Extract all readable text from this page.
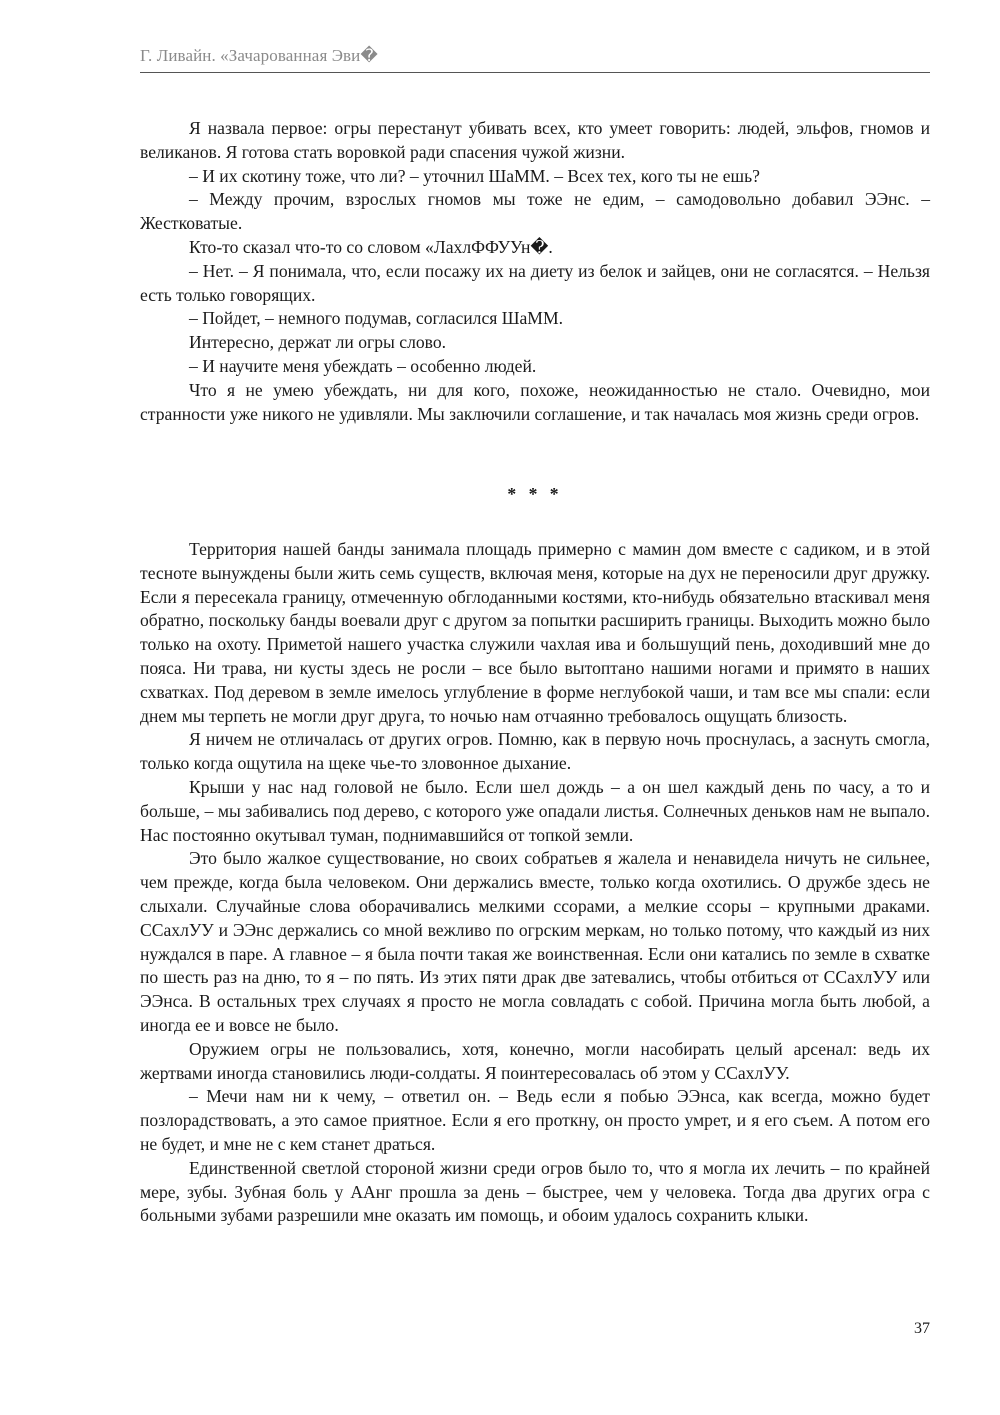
Г. Ливайн. «Зачарованная Эви�

Я назвала первое: огры перестанут убивать всех, кто умеет говорить: людей, эльфов, гномов и великанов. Я готова стать воровкой ради спасения чужой жизни.

– И их скотину тоже, что ли? – уточнил ШаММ. – Всех тех, кого ты не ешь?

– Между прочим, взрослых гномов мы тоже не едим, – самодовольно добавил ЭЭнс. – Жестковатые.

Кто-то сказал что-то со словом «ЛахлФФУУн�.

– Нет. – Я понимала, что, если посажу их на диету из белок и зайцев, они не согласятся. – Нельзя есть только говорящих.

– Пойдет, – немного подумав, согласился ШаММ.

Интересно, держат ли огры слово.

– И научите меня убеждать – особенно людей.

Что я не умею убеждать, ни для кого, похоже, неожиданностью не стало. Очевидно, мои странности уже никого не удивляли. Мы заключили соглашение, и так началась моя жизнь среди огров.

* * *

Территория нашей банды занимала площадь примерно с мамин дом вместе с садиком, и в этой тесноте вынуждены были жить семь существ, включая меня, которые на дух не переносили друг дружку. Если я пересекала границу, отмеченную обглоданными костями, кто-нибудь обязательно втаскивал меня обратно, поскольку банды воевали друг с другом за попытки расширить границы. Выходить можно было только на охоту. Приметой нашего участка служили чахлая ива и большущий пень, доходивший мне до пояса. Ни трава, ни кусты здесь не росли – все было вытоптано нашими ногами и примято в наших схватках. Под деревом в земле имелось углубление в форме неглубокой чаши, и там все мы спали: если днем мы терпеть не могли друг друга, то ночью нам отчаянно требовалось ощущать близость.

Я ничем не отличалась от других огров. Помню, как в первую ночь проснулась, а заснуть смогла, только когда ощутила на щеке чье-то зловонное дыхание.

Крыши у нас над головой не было. Если шел дождь – а он шел каждый день по часу, а то и больше, – мы забивались под дерево, с которого уже опадали листья. Солнечных деньков нам не выпало. Нас постоянно окутывал туман, поднимавшийся от топкой земли.

Это было жалкое существование, но своих собратьев я жалела и ненавидела ничуть не сильнее, чем прежде, когда была человеком. Они держались вместе, только когда охотились. О дружбе здесь не слыхали. Случайные слова оборачивались мелкими ссорами, а мелкие ссоры – крупными драками. ССахлУУ и ЭЭнс держались со мной вежливо по огрским меркам, но только потому, что каждый из них нуждался в паре. А главное – я была почти такая же воинственная. Если они катались по земле в схватке по шесть раз на дню, то я – по пять. Из этих пяти драк две затевались, чтобы отбиться от ССахлУУ или ЭЭнса. В остальных трех случаях я просто не могла совладать с собой. Причина могла быть любой, а иногда ее и вовсе не было.

Оружием огры не пользовались, хотя, конечно, могли насобирать целый арсенал: ведь их жертвами иногда становились люди-солдаты. Я поинтересовалась об этом у ССахлУУ.

– Мечи нам ни к чему, – ответил он. – Ведь если я побью ЭЭнса, как всегда, можно будет позлорадствовать, а это самое приятное. Если я его проткну, он просто умрет, и я его съем. А потом его не будет, и мне не с кем станет драться.

Единственной светлой стороной жизни среди огров было то, что я могла их лечить – по крайней мере, зубы. Зубная боль у ААнг прошла за день – быстрее, чем у человека. Тогда два других огра с больными зубами разрешили мне оказать им помощь, и обоим удалось сохранить клыки.

37
